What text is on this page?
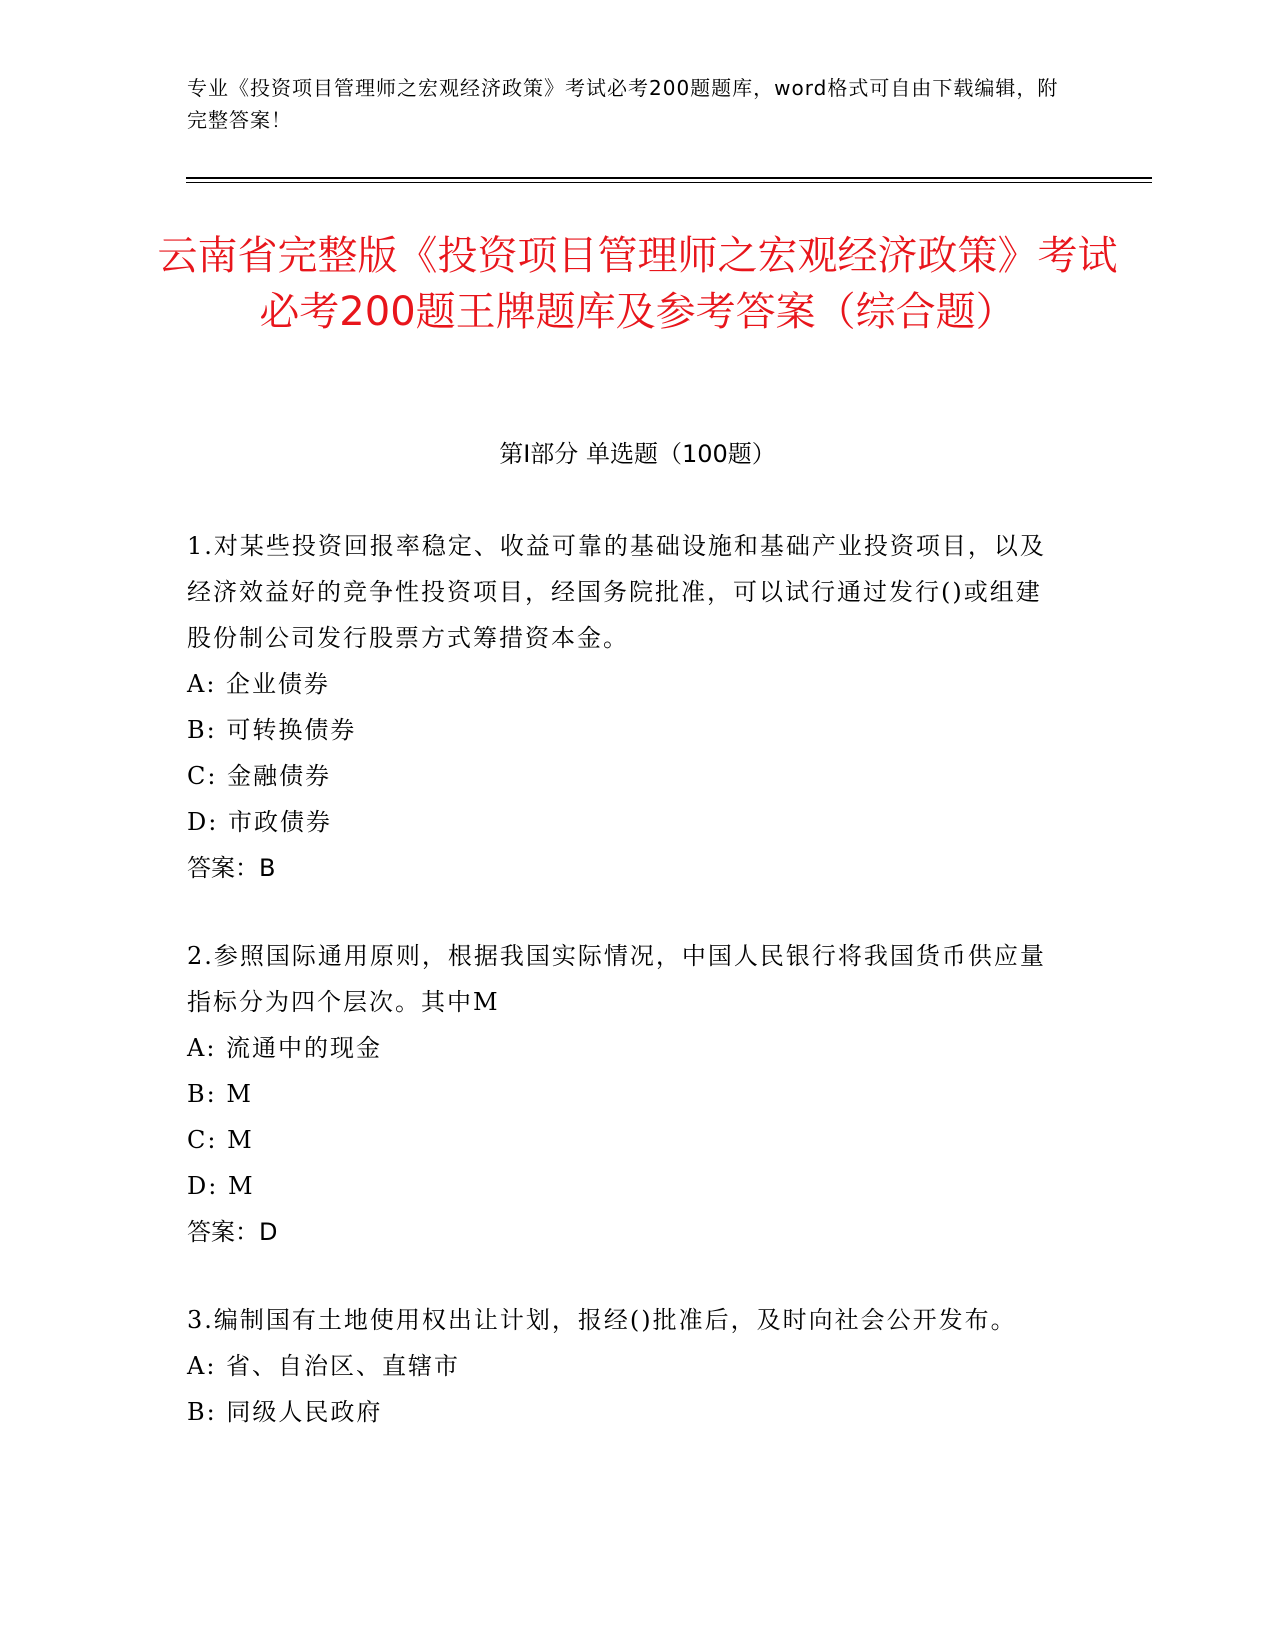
专业《投资项目管理师之宏观经济政策》考试必考200题题库，word格式可自由下载编辑，附完整答案！
云南省完整版《投资项目管理师之宏观经济政策》考试必考200题王牌题库及参考答案（综合题）
第I部分 单选题（100题）
1.对某些投资回报率稳定、收益可靠的基础设施和基础产业投资项目，以及经济效益好的竞争性投资项目，经国务院批准，可以试行通过发行()或组建股份制公司发行股票方式筹措资本金。
A: 企业债券
B: 可转换债券
C: 金融债券
D: 市政债券
答案：B
2.参照国际通用原则，根据我国实际情况，中国人民银行将我国货币供应量指标分为四个层次。其中M
A: 流通中的现金
B: M
C: M
D: M
答案：D
3.编制国有土地使用权出让计划，报经()批准后，及时向社会公开发布。
A: 省、自治区、直辖市
B: 同级人民政府
